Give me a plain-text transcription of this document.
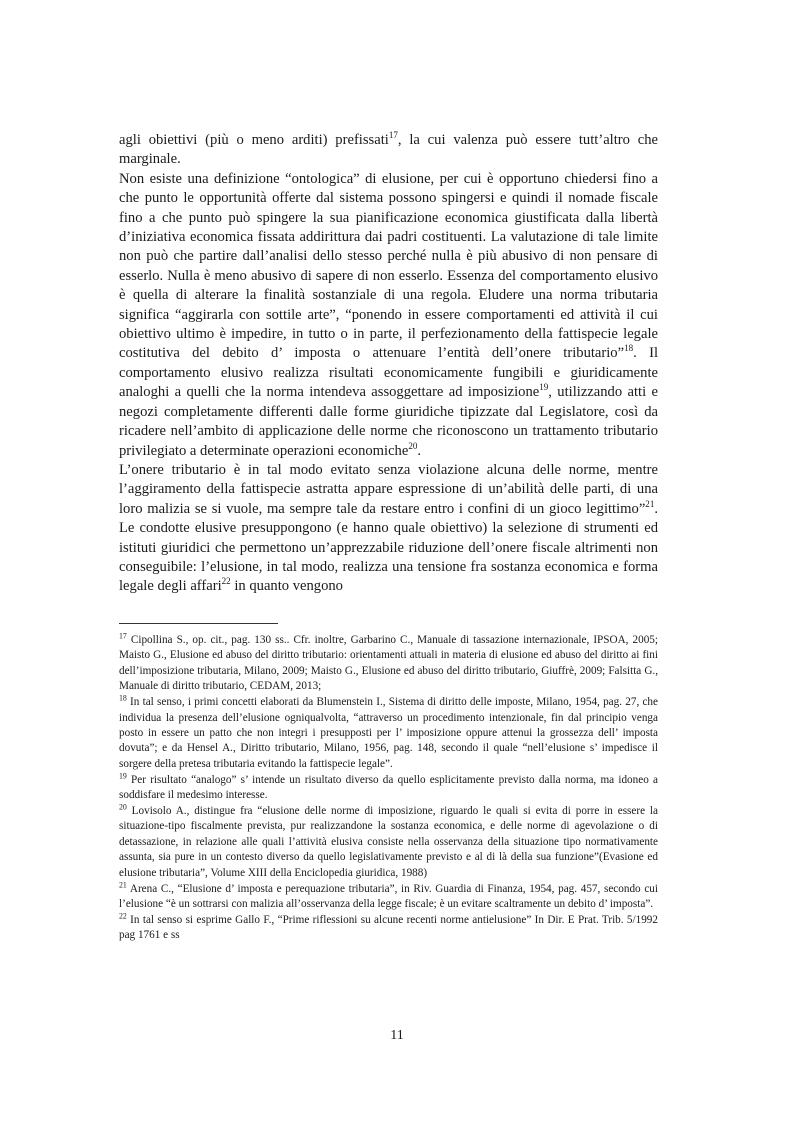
agli obiettivi (più o meno arditi) prefissati$^{17}$, la cui valenza può essere tutt’altro che marginale.

Non esiste una definizione “ontologica” di elusione, per cui è opportuno chiedersi fino a che punto le opportunità offerte dal sistema possono spingersi e quindi il nomade fiscale fino a che punto può spingere la sua pianificazione economica giustificata dalla libertà d’iniziativa economica fissata addirittura dai padri costituenti. La valutazione di tale limite non può che partire dall’analisi dello stesso perché nulla è più abusivo di non pensare di esserlo. Nulla è meno abusivo di sapere di non esserlo. Essenza del comportamento elusivo è quella di alterare la finalità sostanziale di una regola. Eludere una norma tributaria significa “aggirarla con sottile arte”, “ponendo in essere comportamenti ed attività il cui obiettivo ultimo è impedire, in tutto o in parte, il perfezionamento della fattispecie legale costitutiva del debito d’ imposta o attenuare l’entità dell’onere tributario”$^{18}$. Il comportamento elusivo realizza risultati economicamente fungibili e giuridicamente analoghi a quelli che la norma intendeva assoggettare ad imposizione$^{19}$, utilizzando atti e negozi completamente differenti dalle forme giuridiche tipizzate dal Legislatore, così da ricadere nell’ambito di applicazione delle norme che riconoscono un trattamento tributario privilegiato a determinate operazioni economiche$^{20}$.

L’onere tributario è in tal modo evitato senza violazione alcuna delle norme, mentre l’aggiramento della fattispecie astratta appare espressione di un’abilità delle parti, di una loro malizia se si vuole, ma sempre tale da restare entro i confini di un gioco legittimo”$^{21}$. Le condotte elusive presuppongono (e hanno quale obiettivo) la selezione di strumenti ed istituti giuridici che permettono un’apprezzabile riduzione dell’onere fiscale altrimenti non conseguibile: l’elusione, in tal modo, realizza una tensione fra sostanza economica e forma legale degli affari$^{22}$ in quanto vengono

$^{17}$ Cipollina S., op. cit., pag. 130 ss.. Cfr. inoltre, Garbarino C., Manuale di tassazione internazionale, IPSOA, 2005; Maisto G., Elusione ed abuso del diritto tributario: orientamenti attuali in materia di elusione ed abuso del diritto ai fini dell’imposizione tributaria, Milano, 2009; Maisto G., Elusione ed abuso del diritto tributario, Giuffrè, 2009; Falsitta G., Manuale di diritto tributario, CEDAM, 2013;
$^{18}$ In tal senso, i primi concetti elaborati da Blumenstein I., Sistema di diritto delle imposte, Milano, 1954, pag. 27, che individua la presenza dell’elusione ogniqualvolta, “attraverso un procedimento intenzionale, fin dal principio venga posto in essere un patto che non integri i presupposti per l’ imposizione oppure attenui la grossezza dell’ imposta dovuta”; e da Hensel A., Diritto tributario, Milano, 1956, pag. 148, secondo il quale “nell’elusione s’ impedisce il sorgere della pretesa tributaria evitando la fattispecie legale”.
$^{19}$ Per risultato “analogo” s’ intende un risultato diverso da quello esplicitamente previsto dalla norma, ma idoneo a soddisfare il medesimo interesse.
$^{20}$ Lovisolo A., distingue fra “elusione delle norme di imposizione, riguardo le quali si evita di porre in essere la situazione-tipo fiscalmente prevista, pur realizzandone la sostanza economica, e delle norme di agevolazione o di detassazione, in relazione alle quali l’attività elusiva consiste nella osservanza della situazione tipo normativamente assunta, sia pure in un contesto diverso da quello legislativamente previsto e al di là della sua funzione”(Evasione ed elusione tributaria”, Volume XIII della Enciclopedia giuridica, 1988)
$^{21}$ Arena C., “Elusione d’ imposta e perequazione tributaria”, in Riv. Guardia di Finanza, 1954, pag. 457, secondo cui l’elusione “è un sottrarsi con malizia all’osservanza della legge fiscale; è un evitare scaltramente un debito d’ imposta”.
$^{22}$ In tal senso si esprime Gallo F., “Prime riflessioni su alcune recenti norme antielusione” In Dir. E Prat. Trib. 5/1992 pag 1761 e ss
11
